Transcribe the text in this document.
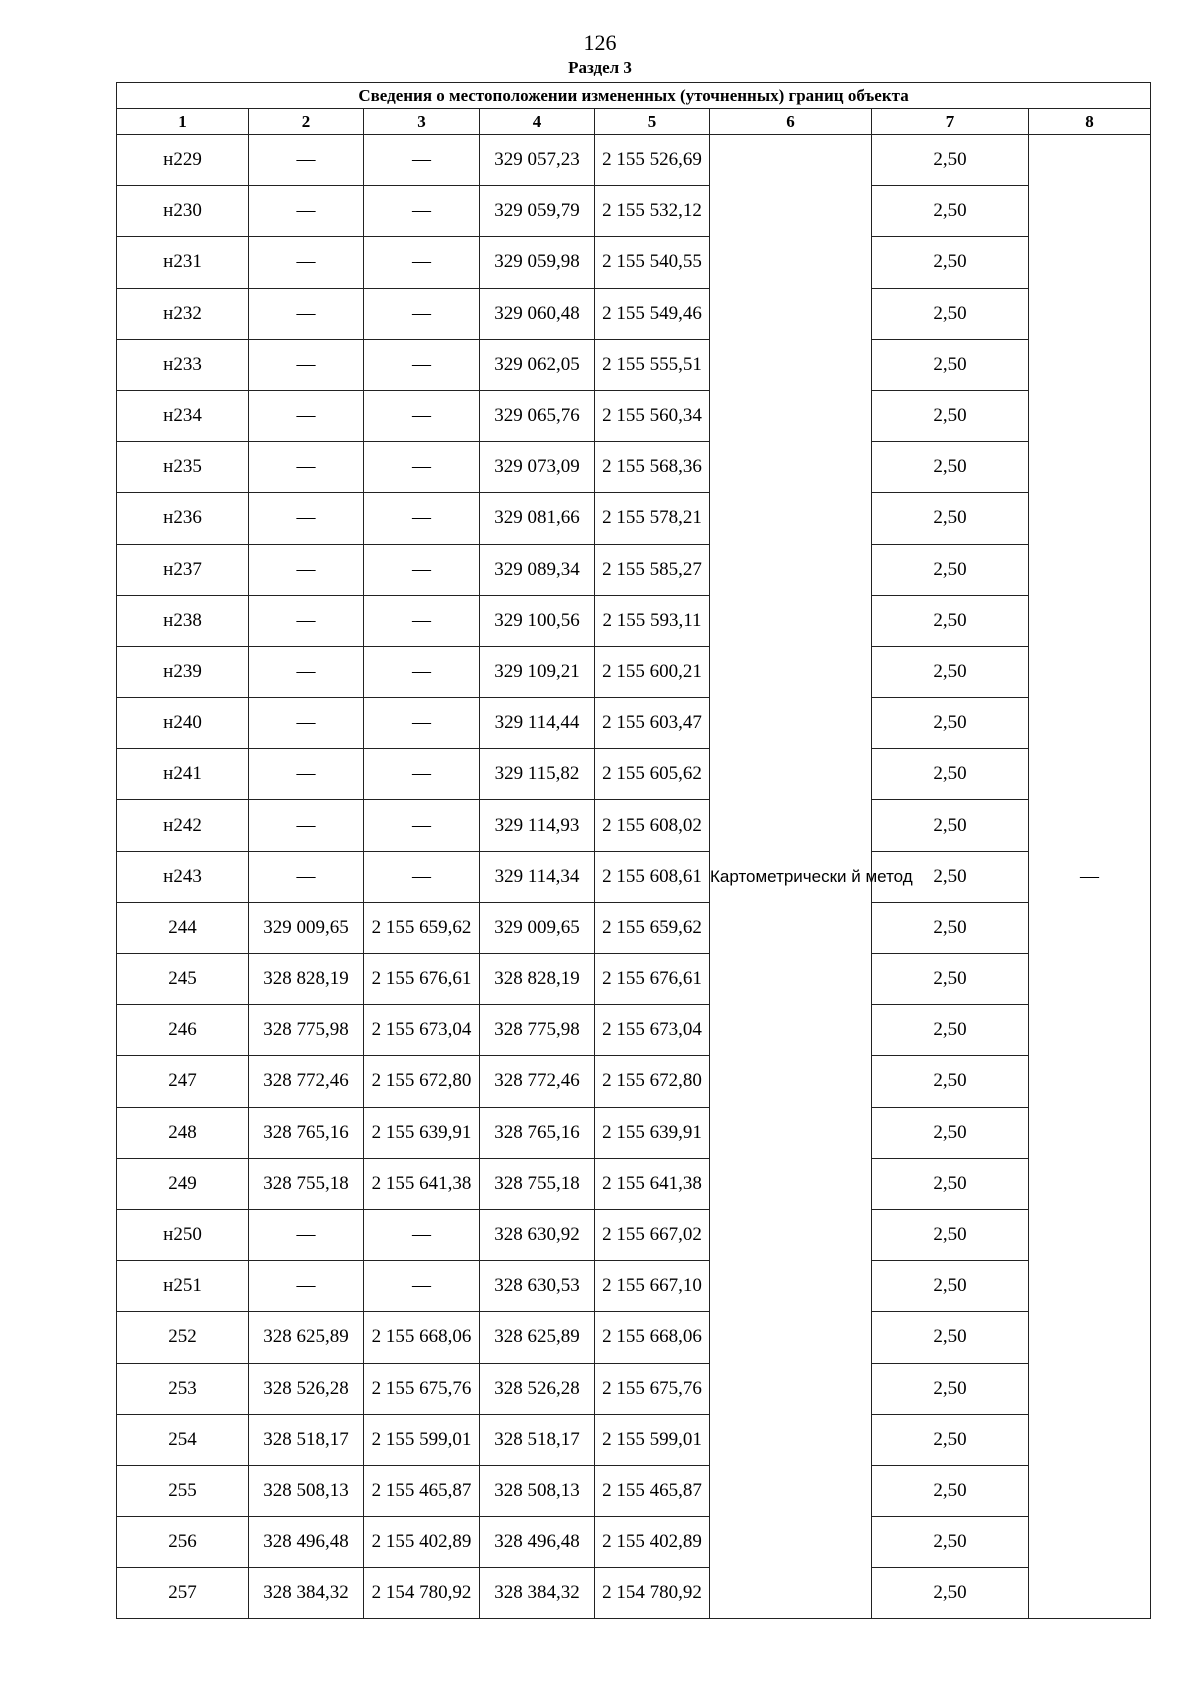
126
Раздел 3
Сведения о местоположении измененных (уточненных) границ объекта							
1	2	3	4	5	6	7	8
н229	—	—	329 057,23	2 155 526,69	Картометрически й метод	2,50	—
н230	—	—	329 059,79	2 155 532,12		2,50	
н231	—	—	329 059,98	2 155 540,55		2,50	
н232	—	—	329 060,48	2 155 549,46		2,50	
н233	—	—	329 062,05	2 155 555,51		2,50	
н234	—	—	329 065,76	2 155 560,34		2,50	
н235	—	—	329 073,09	2 155 568,36		2,50	
н236	—	—	329 081,66	2 155 578,21		2,50	
н237	—	—	329 089,34	2 155 585,27		2,50	
н238	—	—	329 100,56	2 155 593,11		2,50	
н239	—	—	329 109,21	2 155 600,21		2,50	
н240	—	—	329 114,44	2 155 603,47		2,50	
н241	—	—	329 115,82	2 155 605,62		2,50	
н242	—	—	329 114,93	2 155 608,02		2,50	
н243	—	—	329 114,34	2 155 608,61		2,50	
244	329 009,65	2 155 659,62	329 009,65	2 155 659,62		2,50	
245	328 828,19	2 155 676,61	328 828,19	2 155 676,61		2,50	
246	328 775,98	2 155 673,04	328 775,98	2 155 673,04		2,50	
247	328 772,46	2 155 672,80	328 772,46	2 155 672,80		2,50	
248	328 765,16	2 155 639,91	328 765,16	2 155 639,91		2,50	
249	328 755,18	2 155 641,38	328 755,18	2 155 641,38		2,50	
н250	—	—	328 630,92	2 155 667,02		2,50	
н251	—	—	328 630,53	2 155 667,10		2,50	
252	328 625,89	2 155 668,06	328 625,89	2 155 668,06		2,50	
253	328 526,28	2 155 675,76	328 526,28	2 155 675,76		2,50	
254	328 518,17	2 155 599,01	328 518,17	2 155 599,01		2,50	
255	328 508,13	2 155 465,87	328 508,13	2 155 465,87		2,50	
256	328 496,48	2 155 402,89	328 496,48	2 155 402,89		2,50	
257	328 384,32	2 154 780,92	328 384,32	2 154 780,92		2,50	
